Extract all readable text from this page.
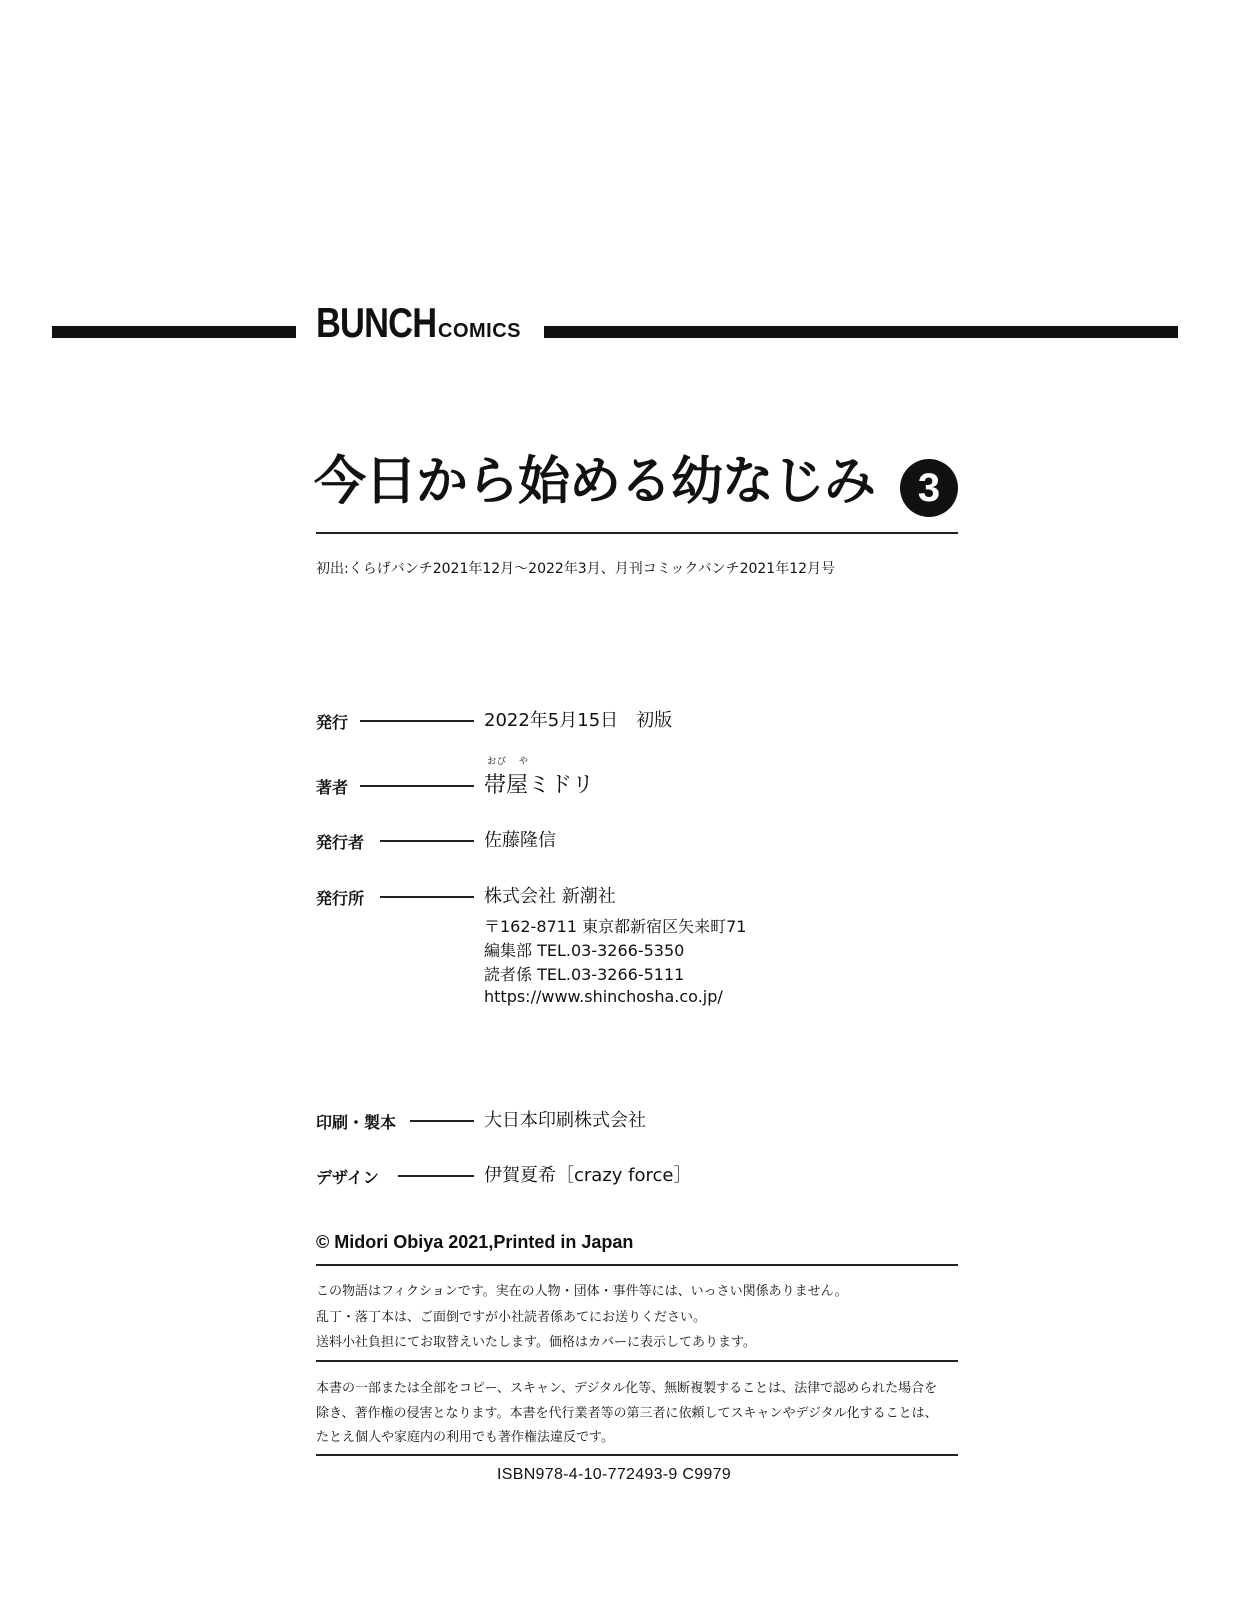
BUNCHCOMICS
今日から始める幼なじみ	3
初出:くらげバンチ2021年12月～2022年3月、月刊コミックバンチ2021年12月号
発行	2022年5月15日　初版
おび や
著者	帯屋ミドリ
発行者	佐藤隆信
発行所	株式会社 新潮社
〒162-8711 東京都新宿区矢来町71
編集部 TEL.03-3266-5350
読者係 TEL.03-3266-5111
https://www.shinchosha.co.jp/
印刷・製本	大日本印刷株式会社
デザイン	伊賀夏希［crazy force］
© Midori Obiya 2021,Printed in Japan
この物語はフィクションです。実在の人物・団体・事件等には、いっさい関係ありません。
乱丁・落丁本は、ご面倒ですが小社読者係あてにお送りください。
送料小社負担にてお取替えいたします。価格はカバーに表示してあります。
本書の一部または全部をコピー、スキャン、デジタル化等、無断複製することは、法律で認められた場合を
除き、著作権の侵害となります。本書を代行業者等の第三者に依頼してスキャンやデジタル化することは、
たとえ個人や家庭内の利用でも著作権法違反です。
ISBN978-4-10-772493-9 C9979
